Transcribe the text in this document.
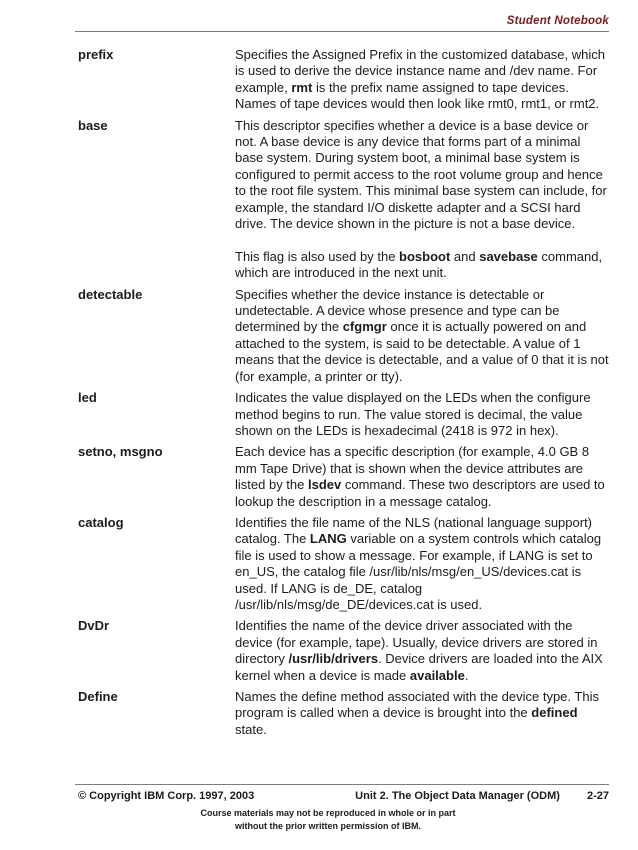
Student Notebook
prefix	Specifies the Assigned Prefix in the customized database, which is used to derive the device instance name and /dev name. For example, rmt is the prefix name assigned to tape devices. Names of tape devices would then look like rmt0, rmt1, or rmt2.

base	This descriptor specifies whether a device is a base device or not. A base device is any device that forms part of a minimal base system. During system boot, a minimal base system is configured to permit access to the root volume group and hence to the root file system. This minimal base system can include, for example, the standard I/O diskette adapter and a SCSI hard drive. The device shown in the picture is not a base device.

This flag is also used by the bosboot and savebase command, which are introduced in the next unit.

detectable	Specifies whether the device instance is detectable or undetectable. A device whose presence and type can be determined by the cfgmgr once it is actually powered on and attached to the system, is said to be detectable. A value of 1 means that the device is detectable, and a value of 0 that it is not (for example, a printer or tty).

led	Indicates the value displayed on the LEDs when the configure method begins to run. The value stored is decimal, the value shown on the LEDs is hexadecimal (2418 is 972 in hex).

setno, msgno	Each device has a specific description (for example, 4.0 GB 8 mm Tape Drive) that is shown when the device attributes are listed by the lsdev command. These two descriptors are used to lookup the description in a message catalog.

catalog	Identifies the file name of the NLS (national language support) catalog. The LANG variable on a system controls which catalog file is used to show a message. For example, if LANG is set to en_US, the catalog file /usr/lib/nls/msg/en_US/devices.cat is used. If LANG is de_DE, catalog /usr/lib/nls/msg/de_DE/devices.cat is used.

DvDr	Identifies the name of the device driver associated with the device (for example, tape). Usually, device drivers are stored in directory /usr/lib/drivers. Device drivers are loaded into the AIX kernel when a device is made available.

Define	Names the define method associated with the device type. This program is called when a device is brought into the defined state.

© Copyright IBM Corp. 1997, 2003	Unit 2. The Object Data Manager (ODM) 2-27
Course materials may not be reproduced in whole or in part
without the prior written permission of IBM.
